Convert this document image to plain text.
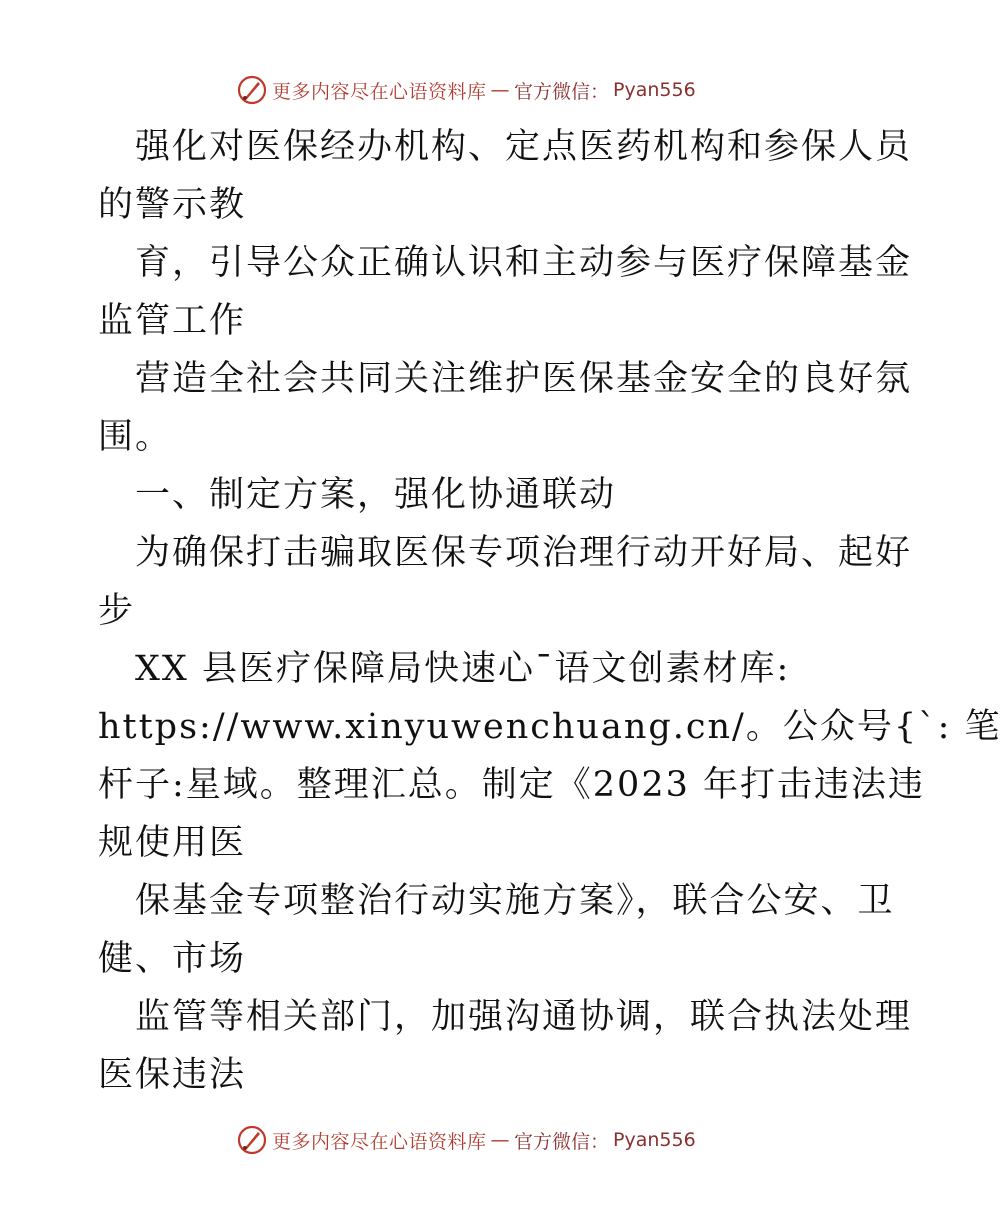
更多内容尽在心语资料库 — 官方微信： Pyan556

强化对医保经办机构、定点医药机构和参保人员

的警示教

育，引导公众正确认识和主动参与医疗保障基金

监管工作

营造全社会共同关注维护医保基金安全的良好氛

围。

一、制定方案，强化协通联动

为确保打击骗取医保专项治理行动开好局、起好

步

XX 县医疗保障局快速心¯语文创素材库:

https://www.xinyuwenchuang.cn/。公众号{`: 笔

杆子:星域。整理汇总。制定《2023 年打击违法违

规使用医

保基金专项整治行动实施方案》，联合公安、卫

健、市场

监管等相关部门，加强沟通协调，联合执法处理

医保违法

更多内容尽在心语资料库 — 官方微信： Pyan556
